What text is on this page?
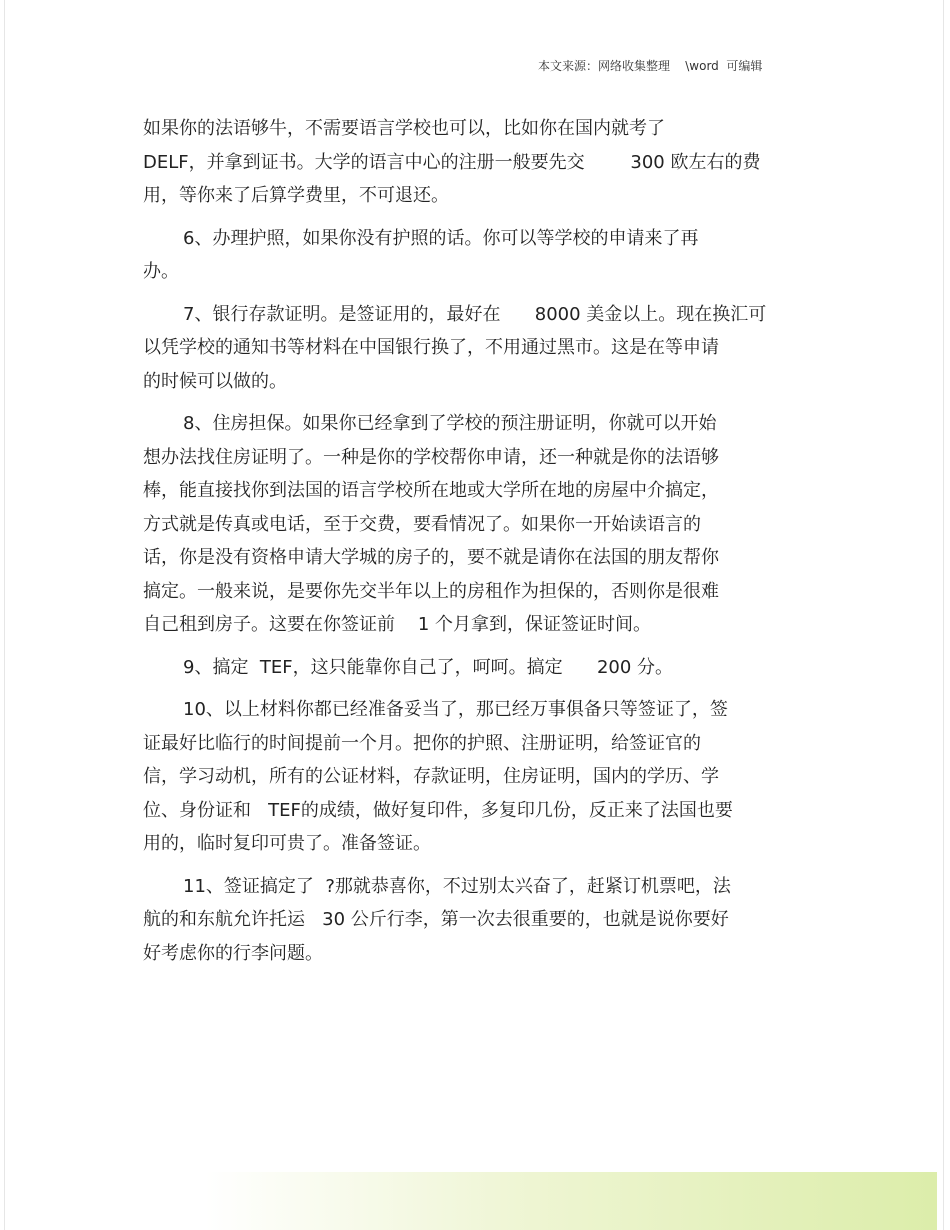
本文来源：网络收集整理    \word  可编辑
如果你的法语够牛，不需要语言学校也可以，比如你在国内就考了
DELF，并拿到证书。大学的语言中心的注册一般要先交        300 欧左右的费
用，等你来了后算学费里，不可退还。
6、办理护照，如果你没有护照的话。你可以等学校的申请来了再
办。
7、银行存款证明。是签证用的，最好在      8000 美金以上。现在换汇可
以凭学校的通知书等材料在中国银行换了，不用通过黑市。这是在等申请
的时候可以做的。
8、住房担保。如果你已经拿到了学校的预注册证明，你就可以开始
想办法找住房证明了。一种是你的学校帮你申请，还一种就是你的法语够
棒，能直接找你到法国的语言学校所在地或大学所在地的房屋中介搞定，
方式就是传真或电话，至于交费，要看情况了。如果你一开始读语言的
话，你是没有资格申请大学城的房子的，要不就是请你在法国的朋友帮你
搞定。一般来说，是要你先交半年以上的房租作为担保的，否则你是很难
自己租到房子。这要在你签证前    1 个月拿到，保证签证时间。
9、搞定  TEF，这只能靠你自己了，呵呵。搞定      200 分。
10、以上材料你都已经准备妥当了，那已经万事俱备只等签证了，签
证最好比临行的时间提前一个月。把你的护照、注册证明，给签证官的
信，学习动机，所有的公证材料，存款证明，住房证明，国内的学历、学
位、身份证和   TEF的成绩，做好复印件，多复印几份，反正来了法国也要
用的，临时复印可贵了。准备签证。
11、签证搞定了  ?那就恭喜你，不过别太兴奋了，赶紧订机票吧，法
航的和东航允许托运   30 公斤行李，第一次去很重要的，也就是说你要好
好考虑你的行李问题。
